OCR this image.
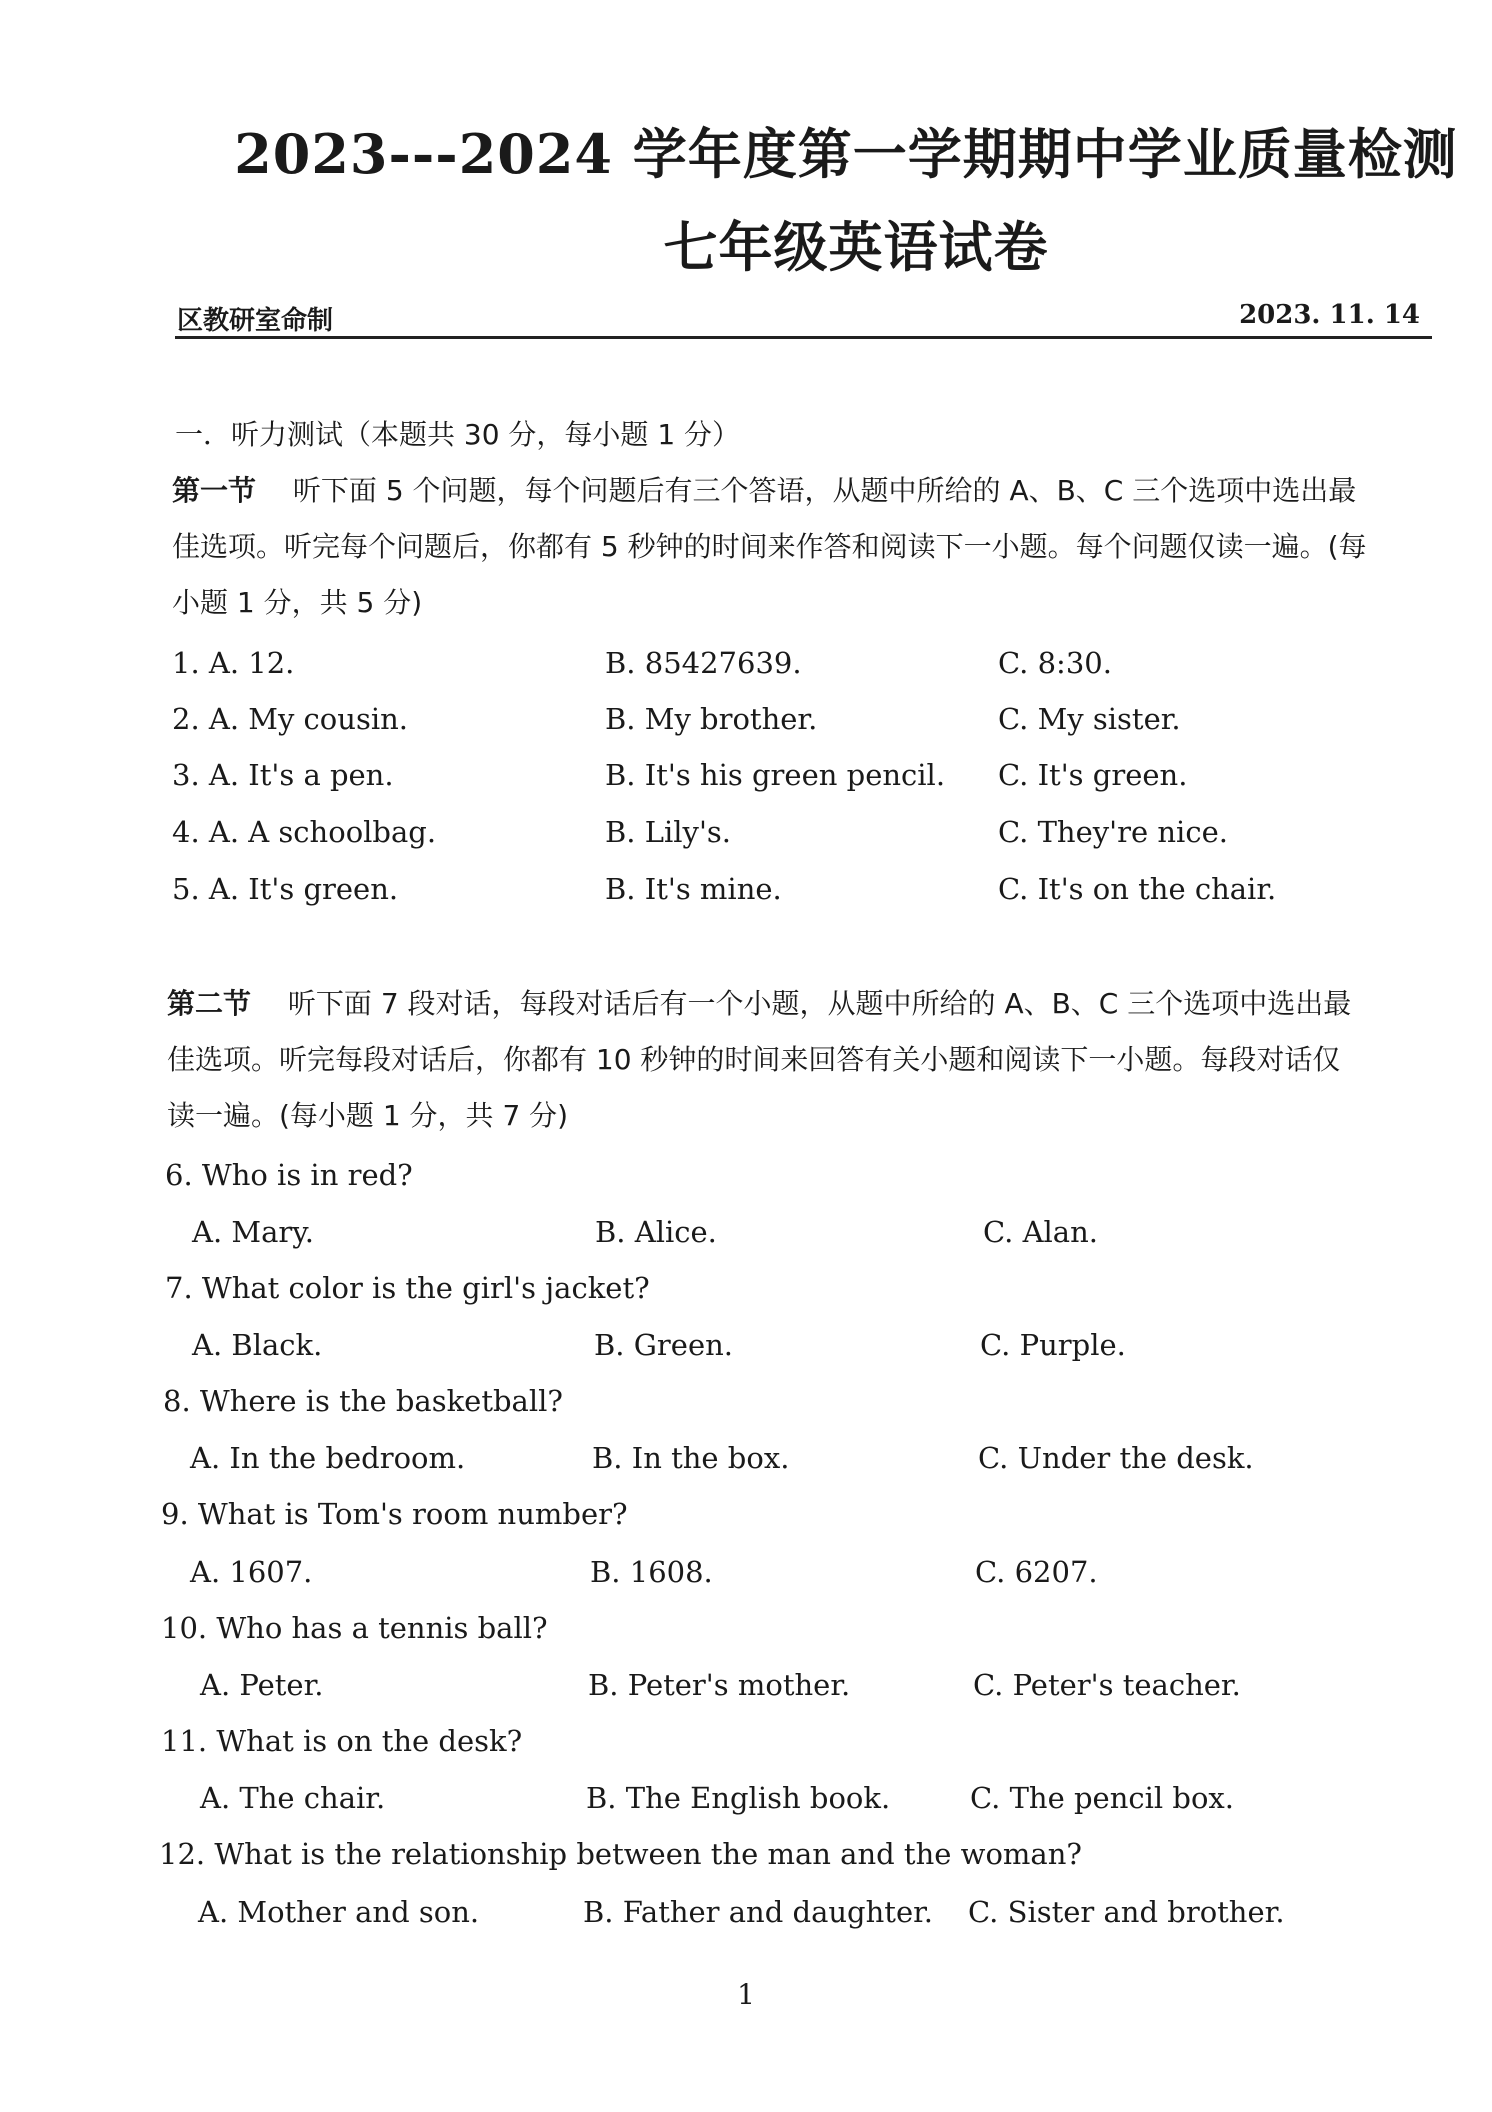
2023---2024 学年度第一学期期中学业质量检测
七年级英语试卷
区教研室命制	2023. 11. 14
一．听力测试（本题共 30 分，每小题 1 分）
第一节 听下面 5 个问题，每个问题后有三个答语，从题中所给的 A、B、C 三个选项中选出最
佳选项。听完每个问题后，你都有 5 秒钟的时间来作答和阅读下一小题。每个问题仅读一遍。(每
小题 1 分，共 5 分)
1. A. 12.	B. 85427639.	C. 8:30.
2. A. My cousin.	B. My brother.	C. My sister.
3. A. It's a pen.	B. It's his green pencil. C. It's green.
4. A. A schoolbag.	B. Lily's.	C. They're nice.
5. A. It's green.	B. It's mine.	C. It's on the chair.
第二节 听下面 7 段对话，每段对话后有一个小题，从题中所给的 A、B、C 三个选项中选出最
佳选项。听完每段对话后，你都有 10 秒钟的时间来回答有关小题和阅读下一小题。每段对话仅
读一遍。(每小题 1 分，共 7 分)
6. Who is in red?
A. Mary.	B. Alice.	C. Alan.
7. What color is the girl's jacket?
A. Black.	B. Green.	C. Purple.
8. Where is the basketball?
A. In the bedroom.	B. In the box.	C. Under the desk.
9. What is Tom's room number?
A. 1607.	B. 1608.	C. 6207.
10. Who has a tennis ball?
A. Peter.	B. Peter's mother.	C. Peter's teacher.
11. What is on the desk?
A. The chair.	B. The English book.	C. The pencil box.
12. What is the relationship between the man and the woman?
A. Mother and son.	B. Father and daughter. C. Sister and brother.
1
